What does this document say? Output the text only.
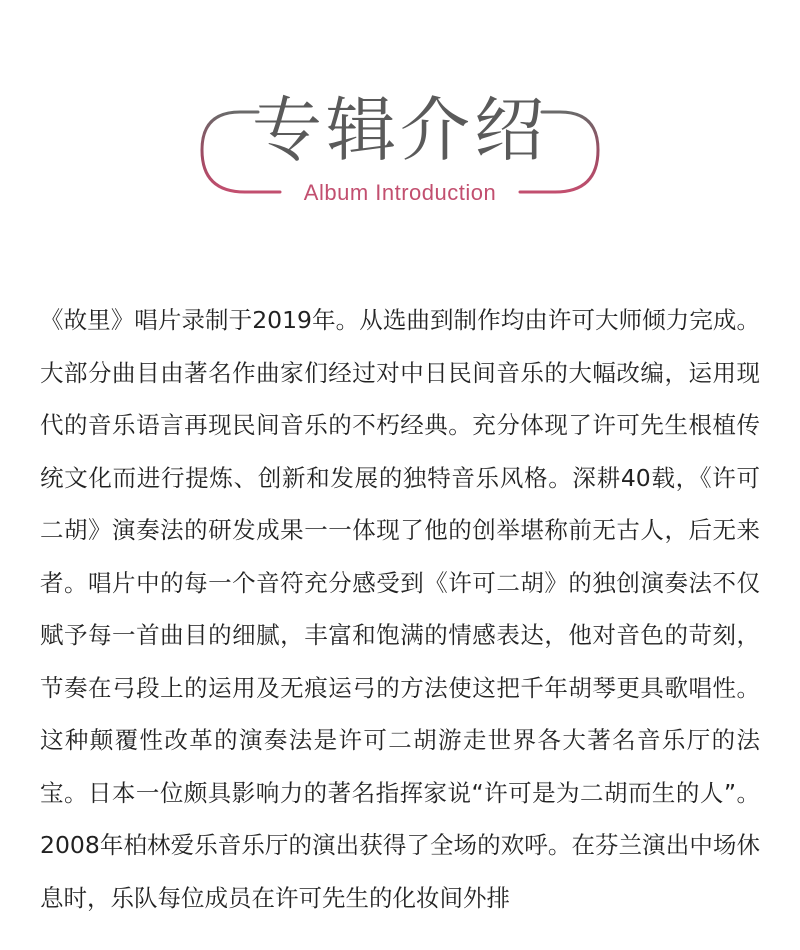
专辑介绍
Album Introduction

《故里》唱片录制于2019年。从选曲到制作均由许可大师倾力完成。大部分曲目由著名作曲家们经过对中日民间音乐的大幅改编，运用现代的音乐语言再现民间音乐的不朽经典。充分体现了许可先生根植传统文化而进行提炼、创新和发展的独特音乐风格。深耕40载，《许可二胡》演奏法的研发成果一一体现了他的创举堪称前无古人，后无来者。唱片中的每一个音符充分感受到《许可二胡》的独创演奏法不仅赋予每一首曲目的细腻，丰富和饱满的情感表达，他对音色的苛刻，节奏在弓段上的运用及无痕运弓的方法使这把千年胡琴更具歌唱性。这种颠覆性改革的演奏法是许可二胡游走世界各大著名音乐厅的法宝。日本一位颇具影响力的著名指挥家说“许可是为二胡而生的人”。2008年柏林爱乐音乐厅的演出获得了全场的欢呼。在芬兰演出中场休息时，乐队每位成员在许可先生的化妆间外排
